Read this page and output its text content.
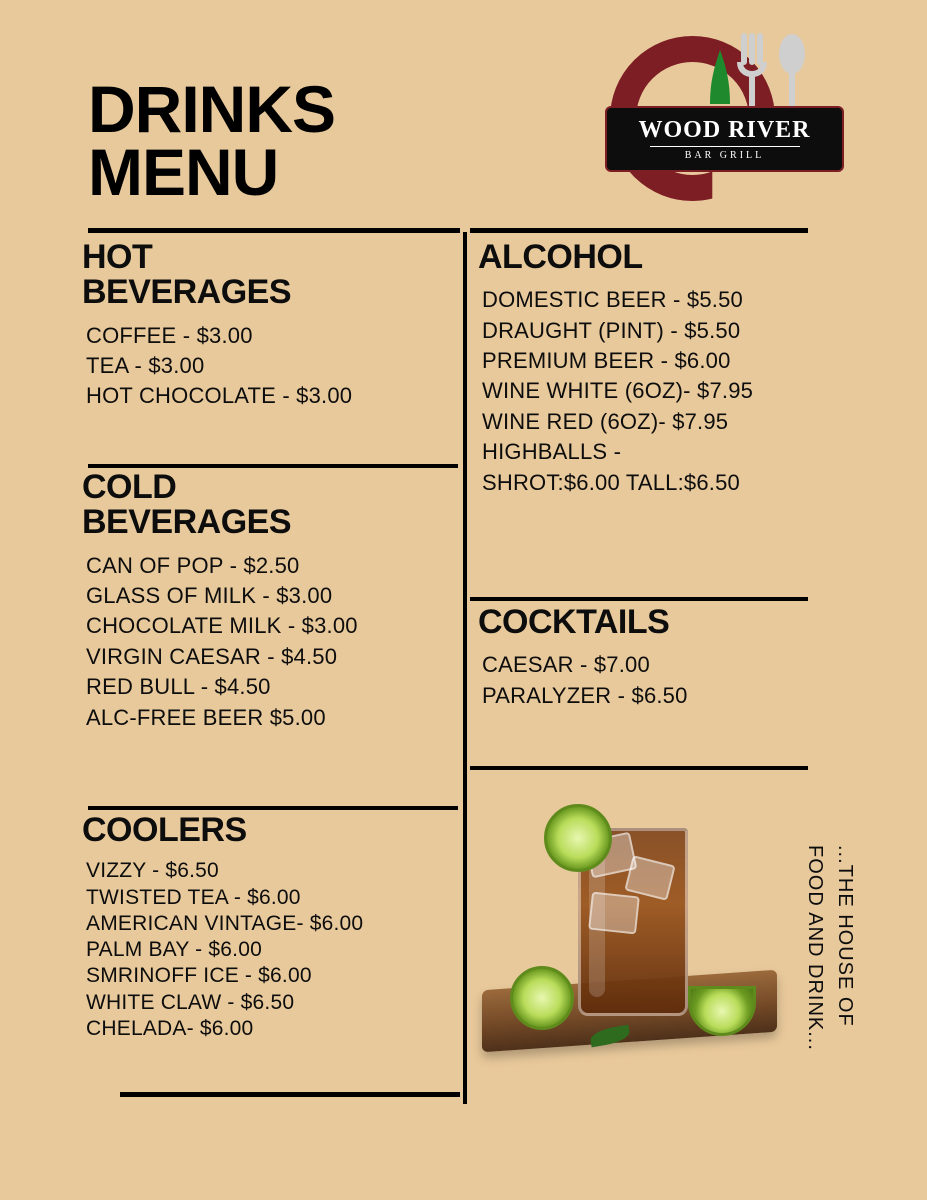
DRINKS
MENU
WOOD RIVER
BAR GRILL
HOT
BEVERAGES
COFFEE - $3.00
TEA - $3.00
HOT CHOCOLATE - $3.00
COLD
BEVERAGES
CAN OF POP - $2.50
GLASS OF MILK - $3.00
CHOCOLATE MILK - $3.00
VIRGIN CAESAR - $4.50
RED BULL - $4.50
ALC-FREE BEER $5.00
COOLERS
VIZZY - $6.50
TWISTED TEA - $6.00
AMERICAN VINTAGE- $6.00
PALM BAY - $6.00
SMRINOFF ICE - $6.00
WHITE CLAW - $6.50
CHELADA- $6.00
ALCOHOL
DOMESTIC BEER - $5.50
DRAUGHT (PINT) - $5.50
PREMIUM BEER - $6.00
WINE WHITE (6OZ)- $7.95
WINE RED (6OZ)- $7.95
HIGHBALLS -
SHROT:$6.00 TALL:$6.50
COCKTAILS
CAESAR - $7.00
PARALYZER - $6.50
...THE HOUSE OF
FOOD AND DRINK...
